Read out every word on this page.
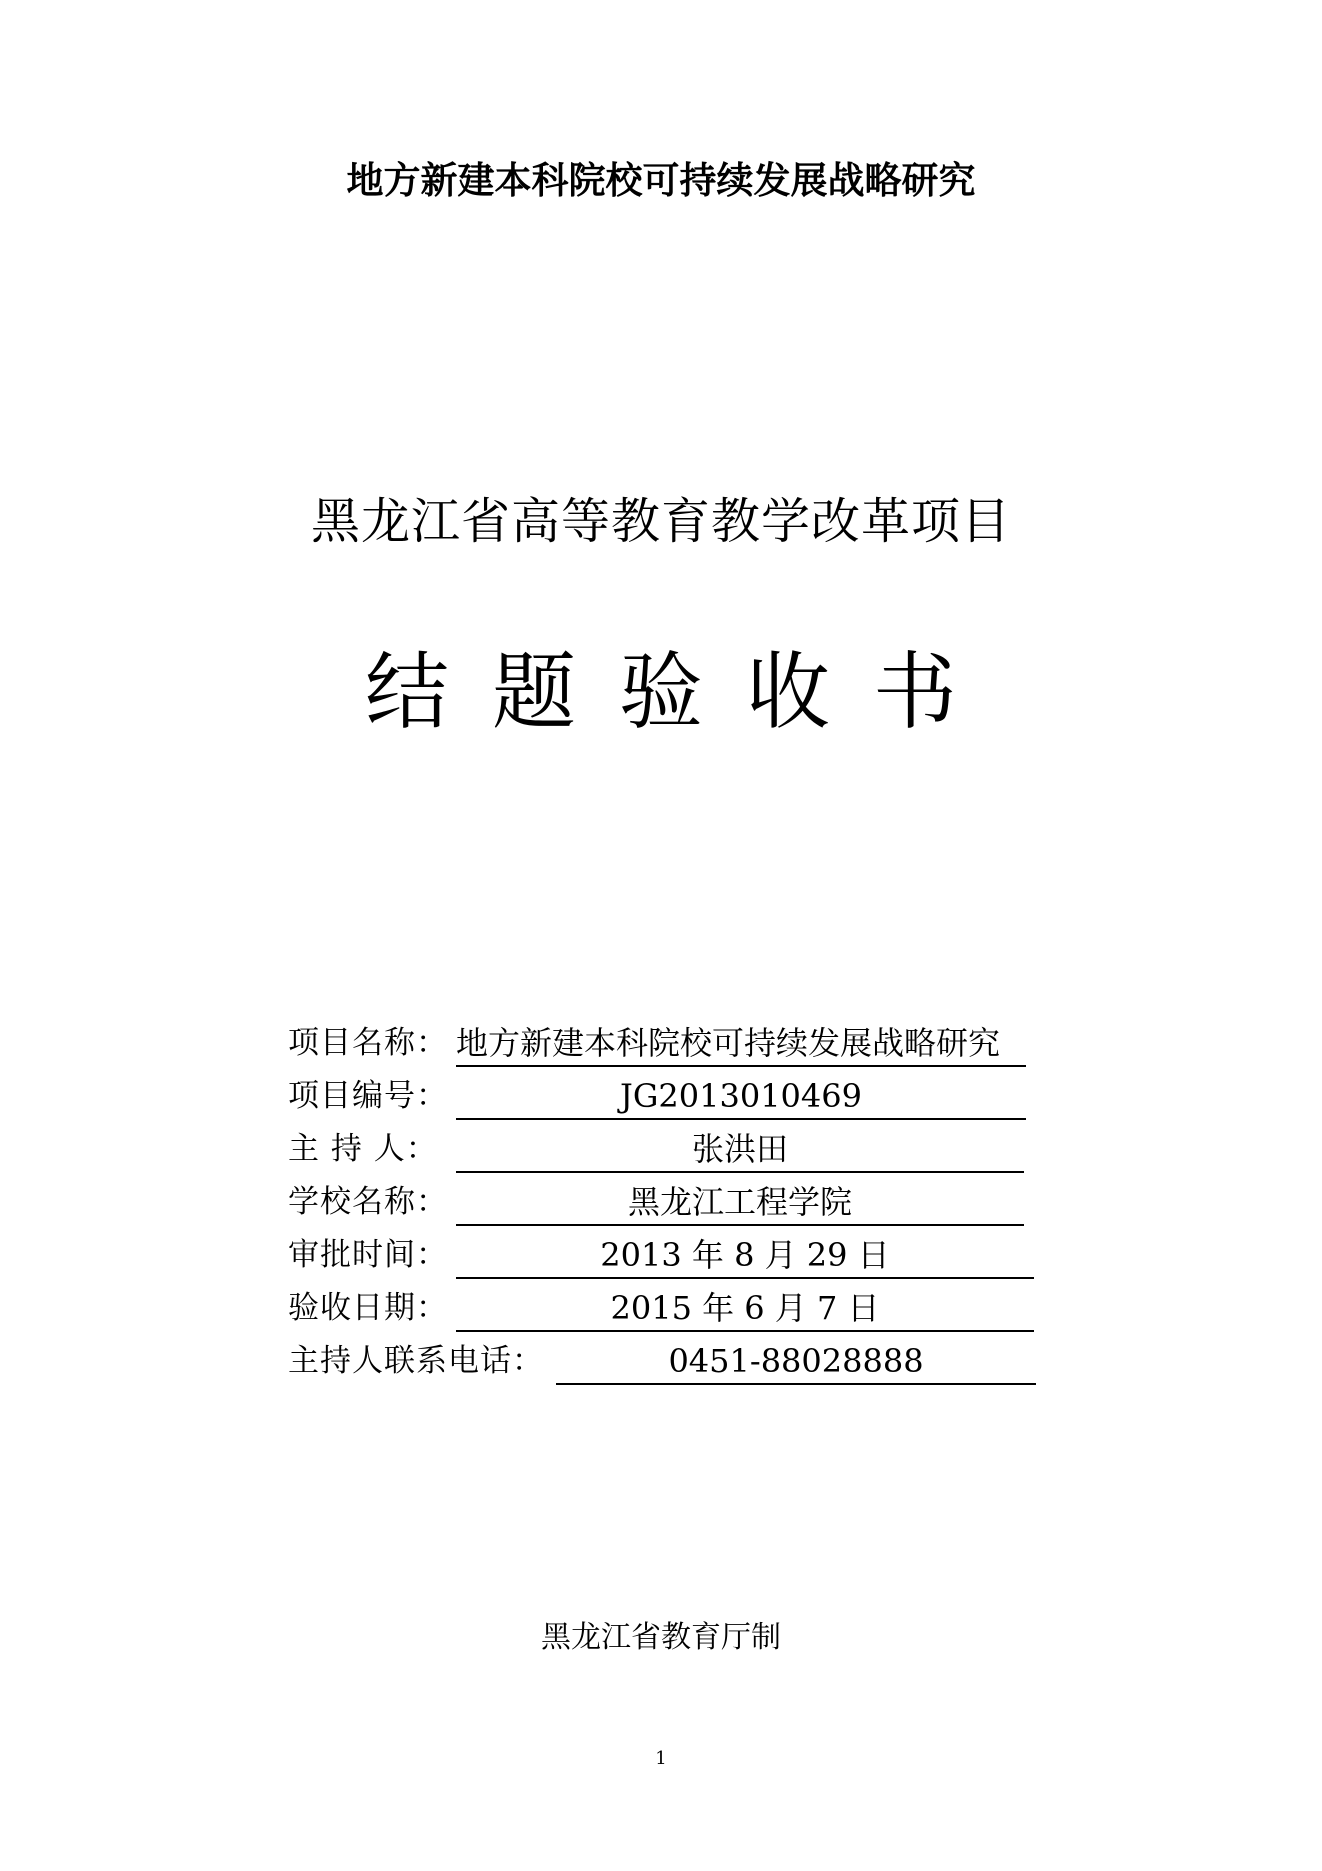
地方新建本科院校可持续发展战略研究
黑龙江省高等教育教学改革项目
结题验收书
项目名称： 地方新建本科院校可持续发展战略研究
项目编号：	JG2013010469
主 持 人：	张洪田
学校名称：	黑龙江工程学院
审批时间：	2013 年 8 月 29 日
验收日期：	2015 年 6 月 7 日
主持人联系电话：	0451-88028888
黑龙江省教育厅制
1
